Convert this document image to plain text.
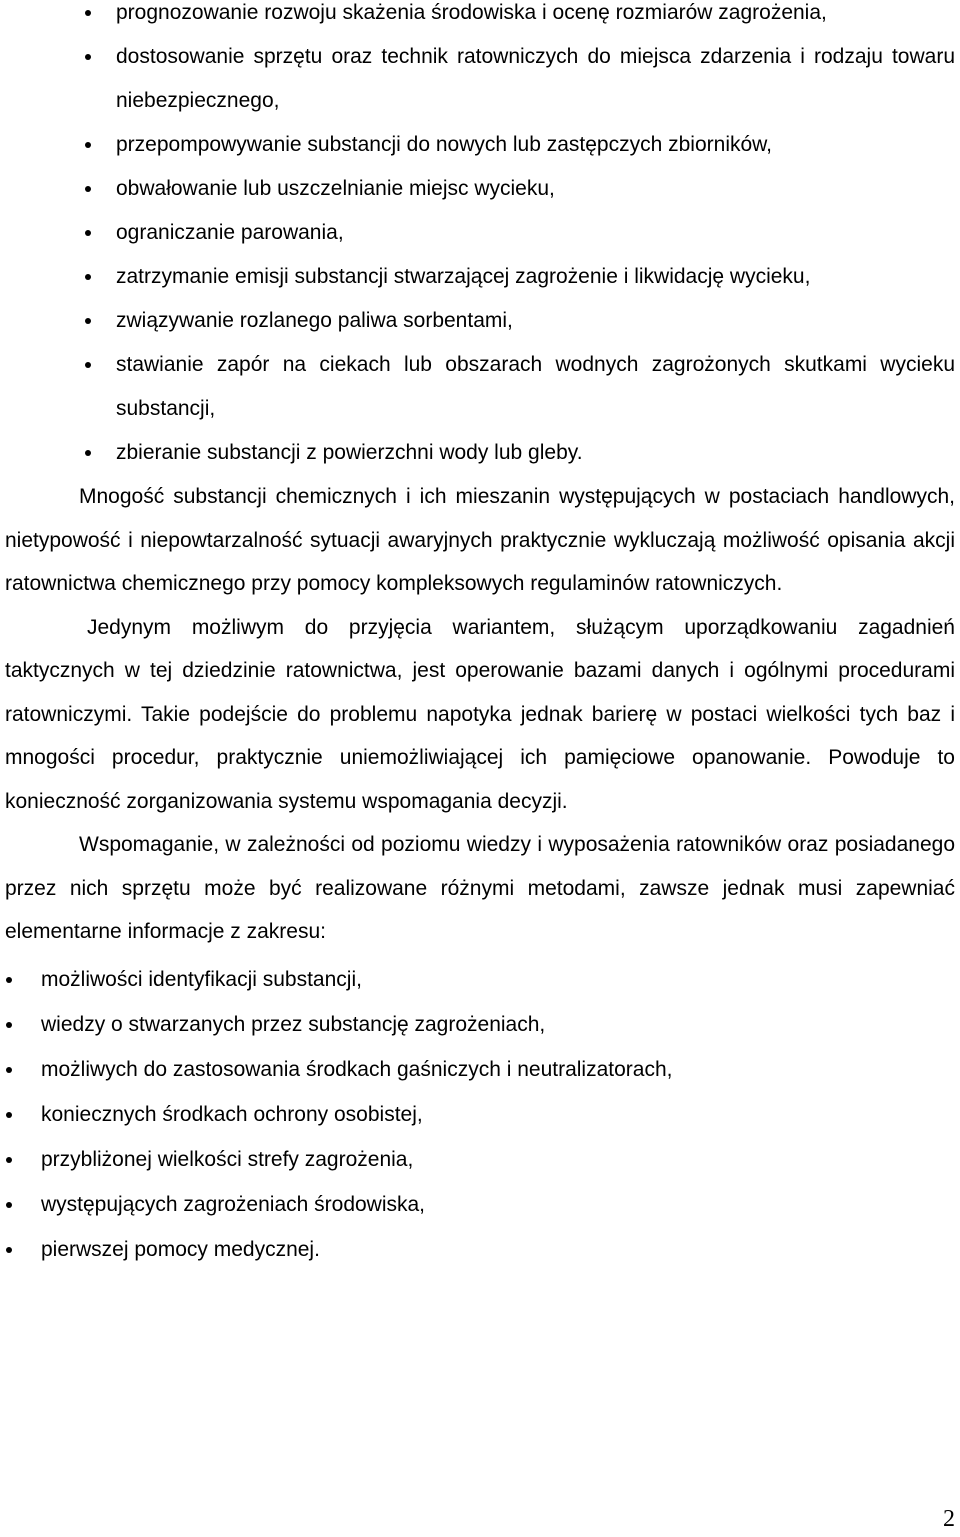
prognozowanie rozwoju skażenia środowiska i ocenę rozmiarów zagrożenia,
dostosowanie sprzętu oraz technik ratowniczych do miejsca zdarzenia i rodzaju towaru niebezpiecznego,
przepompowywanie substancji do nowych lub zastępczych zbiorników,
obwałowanie lub uszczelnianie miejsc wycieku,
ograniczanie parowania,
zatrzymanie emisji substancji stwarzającej zagrożenie i likwidację wycieku,
związywanie rozlanego paliwa sorbentami,
stawianie zapór na ciekach lub obszarach wodnych zagrożonych skutkami wycieku substancji,
zbieranie substancji z powierzchni wody lub gleby.

Mnogość substancji chemicznych i ich mieszanin występujących w postaciach handlowych, nietypowość i niepowtarzalność sytuacji awaryjnych praktycznie wykluczają możliwość opisania akcji ratownictwa chemicznego przy pomocy kompleksowych regulaminów ratowniczych.

Jedynym możliwym do przyjęcia wariantem, służącym uporządkowaniu zagadnień taktycznych w tej dziedzinie ratownictwa, jest operowanie bazami danych i ogólnymi procedurami ratowniczymi. Takie podejście do problemu napotyka jednak barierę w postaci wielkości tych baz i mnogości procedur, praktycznie uniemożliwiającej ich pamięciowe opanowanie. Powoduje to konieczność zorganizowania systemu wspomagania decyzji.

Wspomaganie, w zależności od poziomu wiedzy i wyposażenia ratowników oraz posiadanego przez nich sprzętu może być realizowane różnymi metodami, zawsze jednak musi zapewniać elementarne informacje z zakresu:

możliwości identyfikacji substancji,
wiedzy o stwarzanych przez substancję zagrożeniach,
możliwych do zastosowania środkach gaśniczych i neutralizatorach,
koniecznych środkach ochrony osobistej,
przybliżonej wielkości strefy zagrożenia,
występujących zagrożeniach środowiska,
pierwszej pomocy medycznej.
2
